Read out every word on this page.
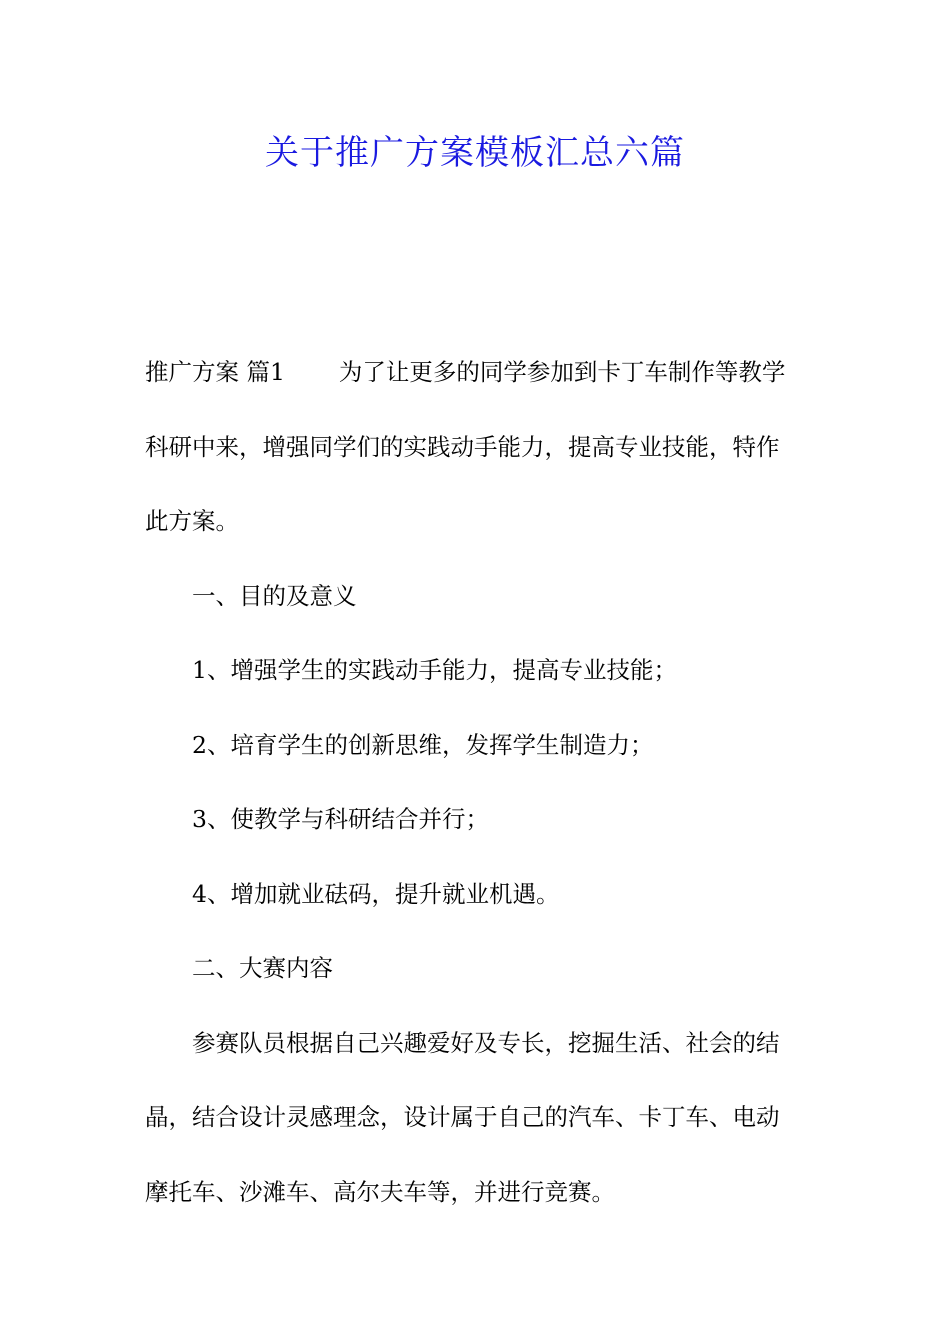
关于推广方案模板汇总六篇

推广方案 篇1 为了让更多的同学参加到卡丁车制作等教学

科研中来，增强同学们的实践动手能力，提高专业技能，特作

此方案。

一、目的及意义

1、增强学生的实践动手能力，提高专业技能；

2、培育学生的创新思维，发挥学生制造力；

3、使教学与科研结合并行；

4、增加就业砝码，提升就业机遇。

二、大赛内容

参赛队员根据自己兴趣爱好及专长，挖掘生活、社会的结

晶，结合设计灵感理念，设计属于自己的汽车、卡丁车、电动

摩托车、沙滩车、高尔夫车等，并进行竞赛。
